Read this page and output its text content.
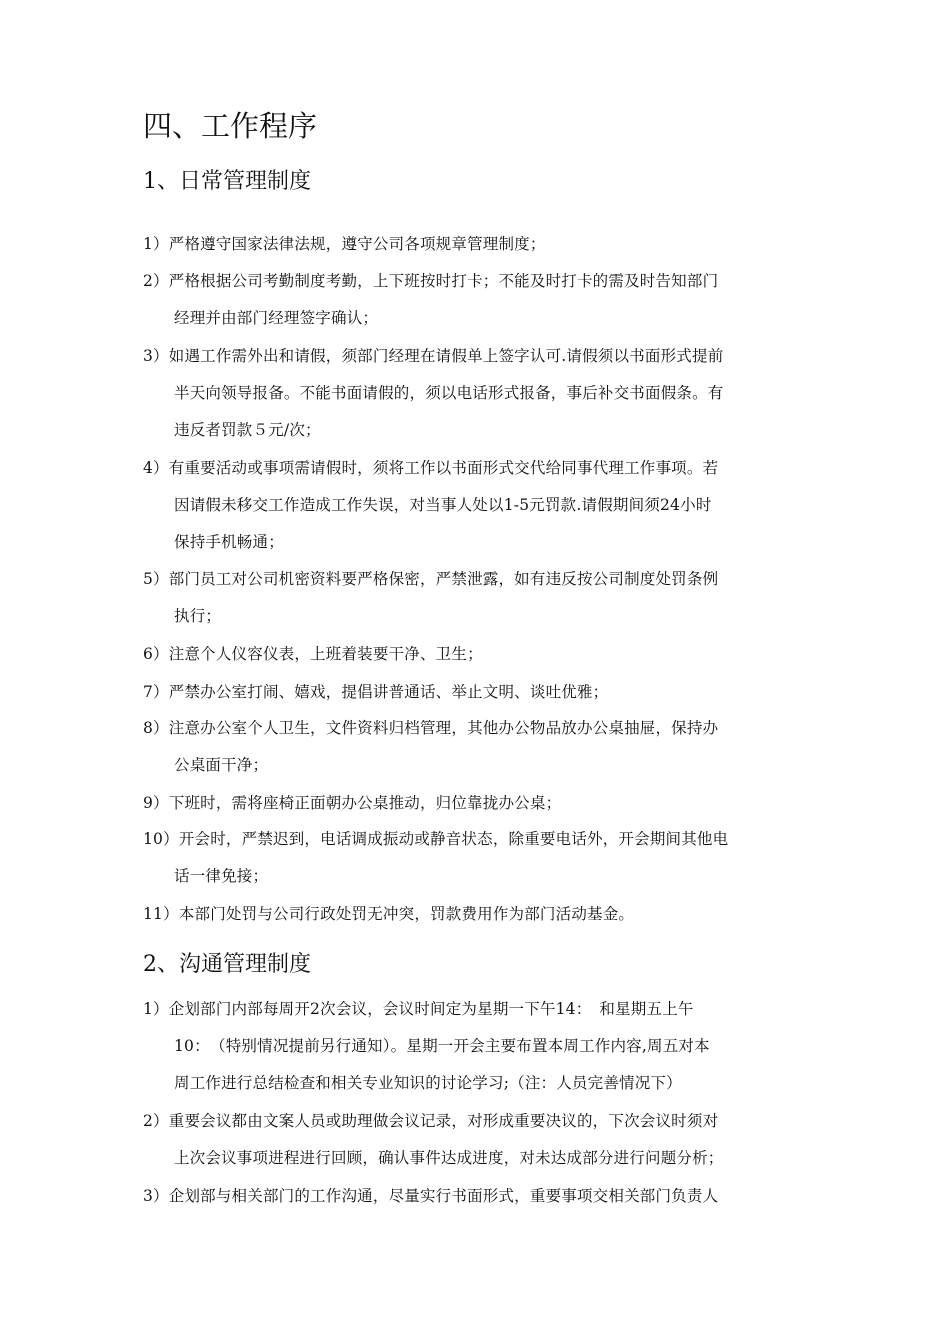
四、工作程序
1、日常管理制度
1）严格遵守国家法律法规，遵守公司各项规章管理制度；
2）严格根据公司考勤制度考勤，上下班按时打卡；不能及时打卡的需及时告知部门
经理并由部门经理签字确认；
3）如遇工作需外出和请假，须部门经理在请假单上签字认可.请假须以书面形式提前
半天向领导报备。不能书面请假的，须以电话形式报备，事后补交书面假条。有
违反者罚款５元/次；
4）有重要活动或事项需请假时，须将工作以书面形式交代给同事代理工作事项。若
因请假未移交工作造成工作失误，对当事人处以1-5元罚款.请假期间须24小时
保持手机畅通；
5）部门员工对公司机密资料要严格保密，严禁泄露，如有违反按公司制度处罚条例
执行；
6）注意个人仪容仪表，上班着装要干净、卫生；
7）严禁办公室打闹、嬉戏，提倡讲普通话、举止文明、谈吐优雅；
8）注意办公室个人卫生，文件资料归档管理，其他办公物品放办公桌抽屉，保持办
公桌面干净；
9）下班时，需将座椅正面朝办公桌推动，归位靠拢办公桌；
10）开会时，严禁迟到，电话调成振动或静音状态，除重要电话外，开会期间其他电
话一律免接；
11）本部门处罚与公司行政处罚无冲突，罚款费用作为部门活动基金。
2、沟通管理制度
1）企划部门内部每周开2次会议，会议时间定为星期一下午14：　和星期五上午
10：　（特别情况提前另行通知）。星期一开会主要布置本周工作内容,周五对本
周工作进行总结检查和相关专业知识的讨论学习;（注：人员完善情况下）
2）重要会议都由文案人员或助理做会议记录，对形成重要决议的，下次会议时须对
上次会议事项进程进行回顾，确认事件达成进度，对未达成部分进行问题分析；
3）企划部与相关部门的工作沟通，尽量实行书面形式，重要事项交相关部门负责人
